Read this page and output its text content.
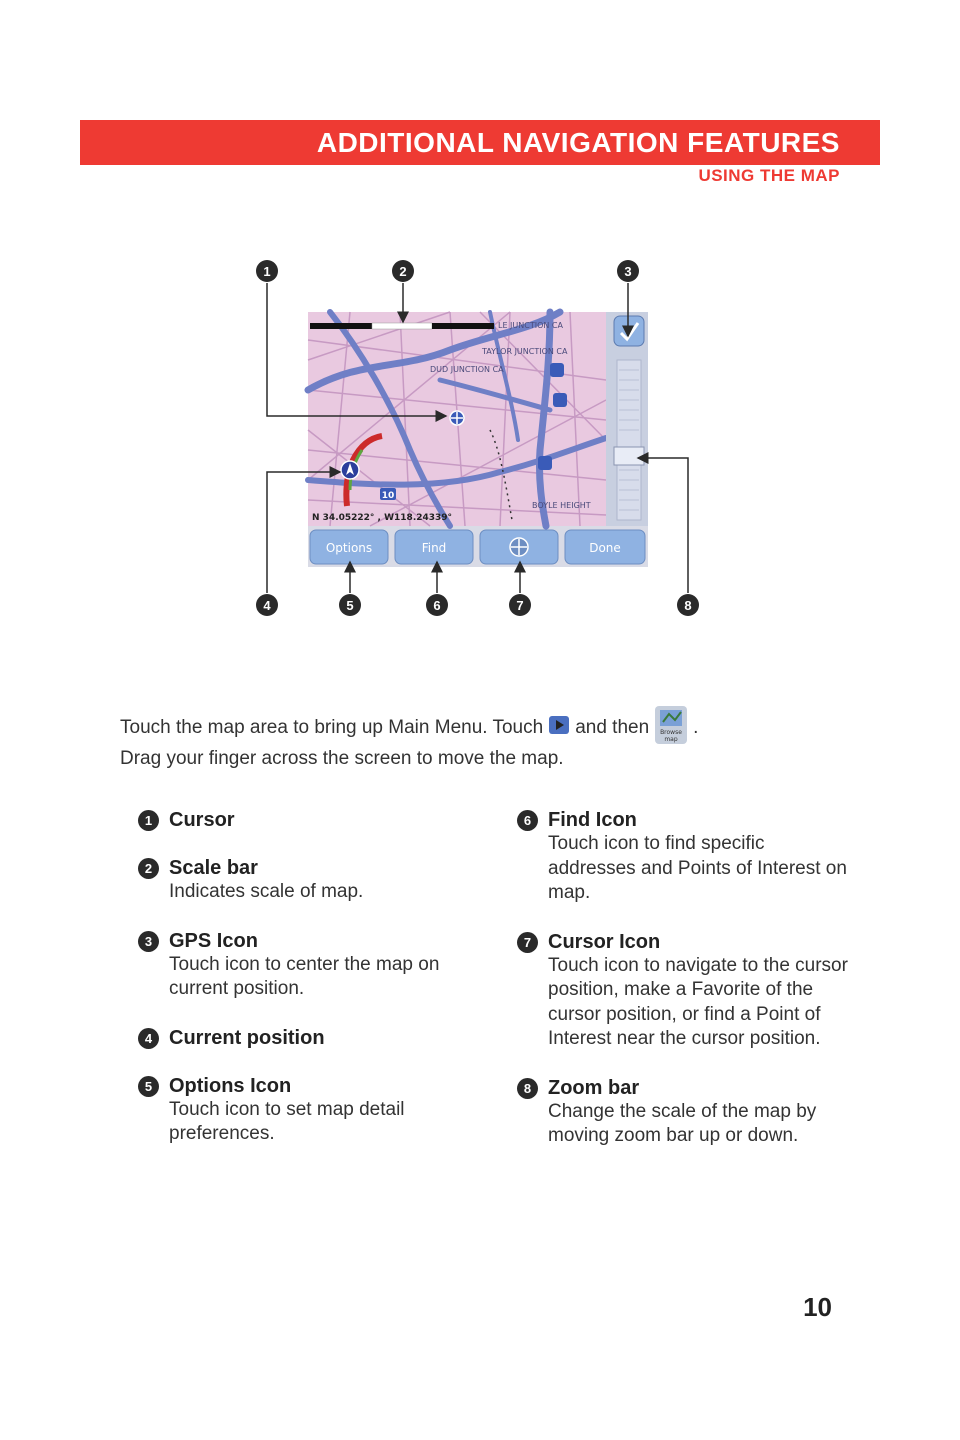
ADDITIONAL NAVIGATION FEATURES
USING THE MAP
10
LE JUNCTION CA
TAYLOR JUNCTION CA
DUD JUNCTION CA
BOYLE HEIGHT
N 34.05222° , W118.24339°
Options	Find	Done
1	2	3
4	5	6	7	8
Touch the map area to bring up Main Menu. Touch and then Browse
map
.
Drag your finger across the screen to move the map.
1 Cursor
2 Scale bar
Indicates scale of map.
3 GPS Icon
Touch icon to center the map on current position.
4 Current position
5 Options Icon
Touch icon to set map detail preferences.
6 Find Icon
Touch icon to find specific addresses and Points of Interest on map.
7 Cursor Icon
Touch icon to navigate to the cursor position, make a Favorite of the cursor position, or find a Point of Interest near the cursor position.
8 Zoom bar
Change the scale of the map by moving zoom bar up or down.
10
